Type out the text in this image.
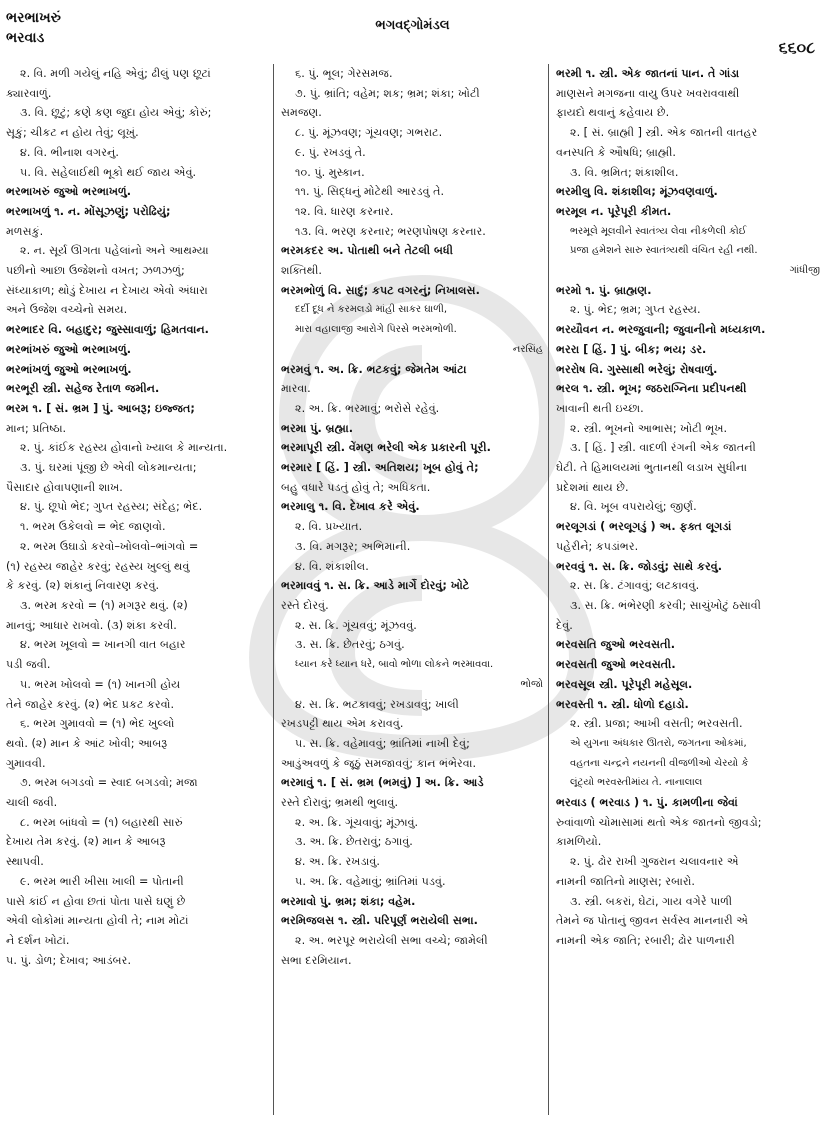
ભરભાખરું
ભરવાડ
ભગવદ્ગોમંડલ
૬૬૦૮
૨. વિ. મળી ગયેલું નહિ એવું; ઢીલું પણ છૂટાં
ક્યારવાળું.
૩. વિ. છૂટું; કણે કણ જુદા હોય એવું; કોરું;
સૂકું; ચીકટ ન હોય તેવું; લૂખું.
૪. વિ. ભીનાશ વગરનું.
૫. વિ. સહેલાઈથી ભૂકો થઈ જાય એવું.
ભરભાખરું જુઓ ભરભાખળું.
ભરભાખળું ૧. ન. મોંસૂઝણું; પરોઢિયું;
મળસકું.
૨. ન. સૂર્ય ઊગતા પહેલાંનો અને આથમ્યા
પછીનો આછા ઉજેશનો વખત; ઝળઝળું;
સંધ્યાકાળ; થોડું દેખાય ન દેખાય એવો અંધારા
અને ઉજેશ વચ્ચેનો સમય.
ભરભાદર વિ. બહાદુર; જુસ્સાવાળું; હિમતવાન.
ભરભાંખરું જુઓ ભરભાખળું.
ભરભાંખળું જુઓ ભરભાખળું.
ભરભૂરી સ્ત્રી. સહેજ રેતાળ જમીન.
ભરમ ૧. [ સં. ભ્રમ ] પું. આબરૂ; ઇજ્જત;
માન; પ્રતિષ્ઠા.
૨. પું. કાંઈક રહસ્ય હોવાનો ખ્યાલ કે માન્યતા.
૩. પું. ઘરમાં પૂંજી છે એવી લોકમાન્યતા;
પૈસાદાર હોવાપણાની શાખ.
૪. પું. છૂપો ભેદ; ગુપ્ત રહસ્ય; સંદેહ; ભેદ.
૧. ભરમ ઉકેલવો = ભેદ જાણવો.
૨. ભરમ ઉઘાડો કરવો–ખોલવો–ભાંગવો =
(૧) રહસ્ય જાહેર કરવું; રહસ્ય ખુલ્લું થવું
કે કરવું. (૨) શંકાનું નિવારણ કરવું.
૩. ભરમ કરવો = (૧) મગરૂર થવું. (૨)
માનવું; આધાર રાખવો. (૩) શંકા કરવી.
૪. ભરમ ખૂલવો = ખાનગી વાત બહાર
પડી જવી.
૫. ભરમ ખોલવો = (૧) ખાનગી હોય
તેને જાહેર કરવું. (૨) ભેદ પ્રકટ કરવો.
૬. ભરમ ગુમાવવો = (૧) ભેદ ખુલ્લો
થવો. (૨) માન કે આંટ ખોવી; આબરૂ
ગુમાવવી.
૭. ભરમ બગડવો = સ્વાદ બગડવો; મજા
ચાલી જવી.
૮. ભરમ બાંધવો = (૧) બહારથી સારું
દેખાય તેમ કરવું. (૨) માન કે આબરૂ
સ્થાપવી.
૯. ભરમ ભારી ખીસા ખાલી = પોતાની
પાસે કાંઈ ન હોવા છતાં પોતા પાસે ઘણું છે
એવી લોકોમાં માન્યતા હોવી તે; નામ મોટાં
ને દર્શન ખોટાં.
૫. પું. ડોળ; દેખાવ; આડંબર.
૬. પું. ભૂલ; ગેરસમજ.
૭. પું. ભ્રાંતિ; વહેમ; શક; ભ્રમ; શંકા; ખોટી
સમજણ.
૮. પું. મૂંઝવણ; ગૂંચવણ; ગભરાટ.
૯. પું. રખડવું તે.
૧૦. પું. મુસ્કાન.
૧૧. પું. સિદ્ધનું મોટેથી આરડવું તે.
૧૨. વિ. ધારણ કરનાર.
૧૩. વિ. ભરણ કરનાર; ભરણપોષણ કરનાર.
ભરમકદર અ. પોતાથી બને તેટલી બધી
શક્તિથી.
ભરમભોળું વિ. સાદું; કપટ વગરનું; નિખાલસ.
દર્દી દૂધ ને કરમલડો માંહી સાકર ઘાળી,
મારા વહાલાજી આરોગે પિરસે ભરમભોળી.
નરસિંહ
ભરમવું ૧. અ. ક્રિ. ભટકવું; જેમતેમ આંટા
મારવા.
૨. અ. ક્રિ. ભરમાવું; ભરોસે રહેવું.
ભરમા પું. બ્રહ્મા.
ભરમાપૂરી સ્ત્રી. વેંમણ ભરેલી એક પ્રકારની પૂરી.
ભરમાર [ હિં. ] સ્ત્રી. અતિશય; ખૂબ હોવું તે;
બહુ વધારે પડતું હોવું તે; અધિકતા.
ભરમાલુ ૧. વિ. દેખાવ કરે એવું.
૨. વિ. પ્રખ્યાત.
૩. વિ. મગરૂર; અભિમાની.
૪. વિ. શંકાશીલ.
ભરમાવવું ૧. સ. ક્રિ. આડે માર્ગે દોરવું; ખોટે
રસ્તે દોરવું.
૨. સ. ક્રિ. ગૂંચવવું; મૂંઝવવું.
૩. સ. ક્રિ. છેતરવું; ઠગવું.
ધ્યાન કરે ધ્યાન ધરે, બાવો ભોળા લોકને ભરમાવવા.
ભોજો
૪. સ. ક્રિ. ભટકાવવું; રખડાવવું; ખાલી
રખડપટ્ટી થાય એમ કરાવવું.
૫. સ. ક્રિ. વહેમાવવું; ભ્રાંતિમાં નાખી દેવું;
આડુંઅવળું કે જૂઠું સમજાવવું; કાન ભંભેરવા.
ભરમાવું ૧. [ સં. ભ્રમ (ભમવું) ] અ. ક્રિ. આડે
રસ્તે દોરાવું; ભ્રમથી ભુલાવું.
૨. અ. ક્રિ. ગૂંચવાવું; મૂંઝાવું.
૩. અ. ક્રિ. છેતરાવું; ઠગાવું.
૪. અ. ક્રિ. રખડાવું.
૫. અ. ક્રિ. વહેમાવું; ભ્રાંતિમાં પડવું.
ભરમાવો પું. ભ્રમ; શંકા; વહેમ.
ભરમિજલસ ૧. સ્ત્રી. પરિપૂર્ણ ભરાયેલી સભા.
૨. અ. ભરપૂર ભરાયેલી સભા વચ્ચે; જામેલી
સભા દરમિયાન.
ભરમી ૧. સ્ત્રી. એક જાતનાં પાન. તે ગાંડા
માણસને મગજના વાયુ ઉપર ખવરાવવાથી
ફાયદો થવાનું કહેવાય છે.
૨. [ સં. બ્રાહ્મી ] સ્ત્રી. એક જાતની વાતહર
વનસ્પતિ કે ઔષધિ; બ્રાહ્મી.
૩. વિ. ભ્રમિત; શંકાશીલ.
ભરમીલુ વિ. શંકાશીલ; મૂંઝવણવાળું.
ભરમૂલ ન. પૂરેપૂરી કીમત.
ભરમૂલે મૂલવીને સ્વાતંત્ર્ય લેવા નીકળેલી કોઈ
પ્રજા હમેશને સારુ સ્વાતંત્ર્યથી વંચિત રહી નથી.
ગાંધીજી
ભરમો ૧. પું. બ્રાહ્મણ.
૨. પું. ભેદ; ભ્રમ; ગુપ્ત રહસ્ય.
ભરયૌવન ન. ભરજુવાની; જુવાનીનો મધ્યકાળ.
ભરરા [ હિં. ] પું. બીક; ભય; ડર.
ભરરોષ વિ. ગુસ્સાથી ભરેલું; રોષવાળું.
ભરલ ૧. સ્ત્રી. ભૂખ; જઠરાગ્નિના પ્રદીપનથી
ખાવાની થતી ઇચ્છા.
૨. સ્ત્રી. ભૂખનો આભાસ; ખોટી ભૂખ.
૩. [ હિં. ] સ્ત્રી. વાદળી રંગની એક જાતની
ઘેટી. તે હિમાલયમાં ભુતાનથી લડાખ સુધીના
પ્રદેશમાં થાય છે.
૪. વિ. ખૂબ વપરાયેલું; જીર્ણ.
ભરલૂગડાં ( ભરલૂગડું ) અ. ફક્ત લૂગડાં
પહેરીને; કપડાંભર.
ભરવવું ૧. સ. ક્રિ. જોડવું; સાથે કરવું.
૨. સ. ક્રિ. ટંગાવવું; લટકાવવું.
૩. સ. ક્રિ. ભંભેરણી કરવી; સાચુંખોટું ઠસાવી
દેવું.
ભરવસતિ જુઓ ભરવસતી.
ભરવસતી જુઓ ભરવસતી.
ભરવસૂલ સ્ત્રી. પૂરેપૂરી મહેસૂલ.
ભરવસ્તી ૧. સ્ત્રી. ધોળો દહાડો.
૨. સ્ત્રી. પ્રજા; આખી વસતી; ભરવસતી.
એ યુગના અંધકાર ઊતરો, જગતના ઓકમાં,
વહતના ચન્દ્રને નયનની વીજળીઓ ચેરયો કે
લૂંટ્યો ભરવસ્તીમાંય તે. નાનાલાલ
ભરવાડ ( ભરવાડ ) ૧. પું. કામળીના જેવાં
રુવાંવાળો ચોમાસામાં થતો એક જાતનો જીવડો;
કામળિયો.
૨. પું. ઢોર રાખી ગુજરાન ચલાવનાર એ
નામની જાતિનો માણસ; રબારો.
૩. સ્ત્રી. બકરાં, ઘેટાં, ગાય વગેરે પાળી
તેમને જ પોતાનું જીવન સર્વસ્વ માનનારી એ
નામની એક જાતિ; રબારી; ઢોર પાળનારી
